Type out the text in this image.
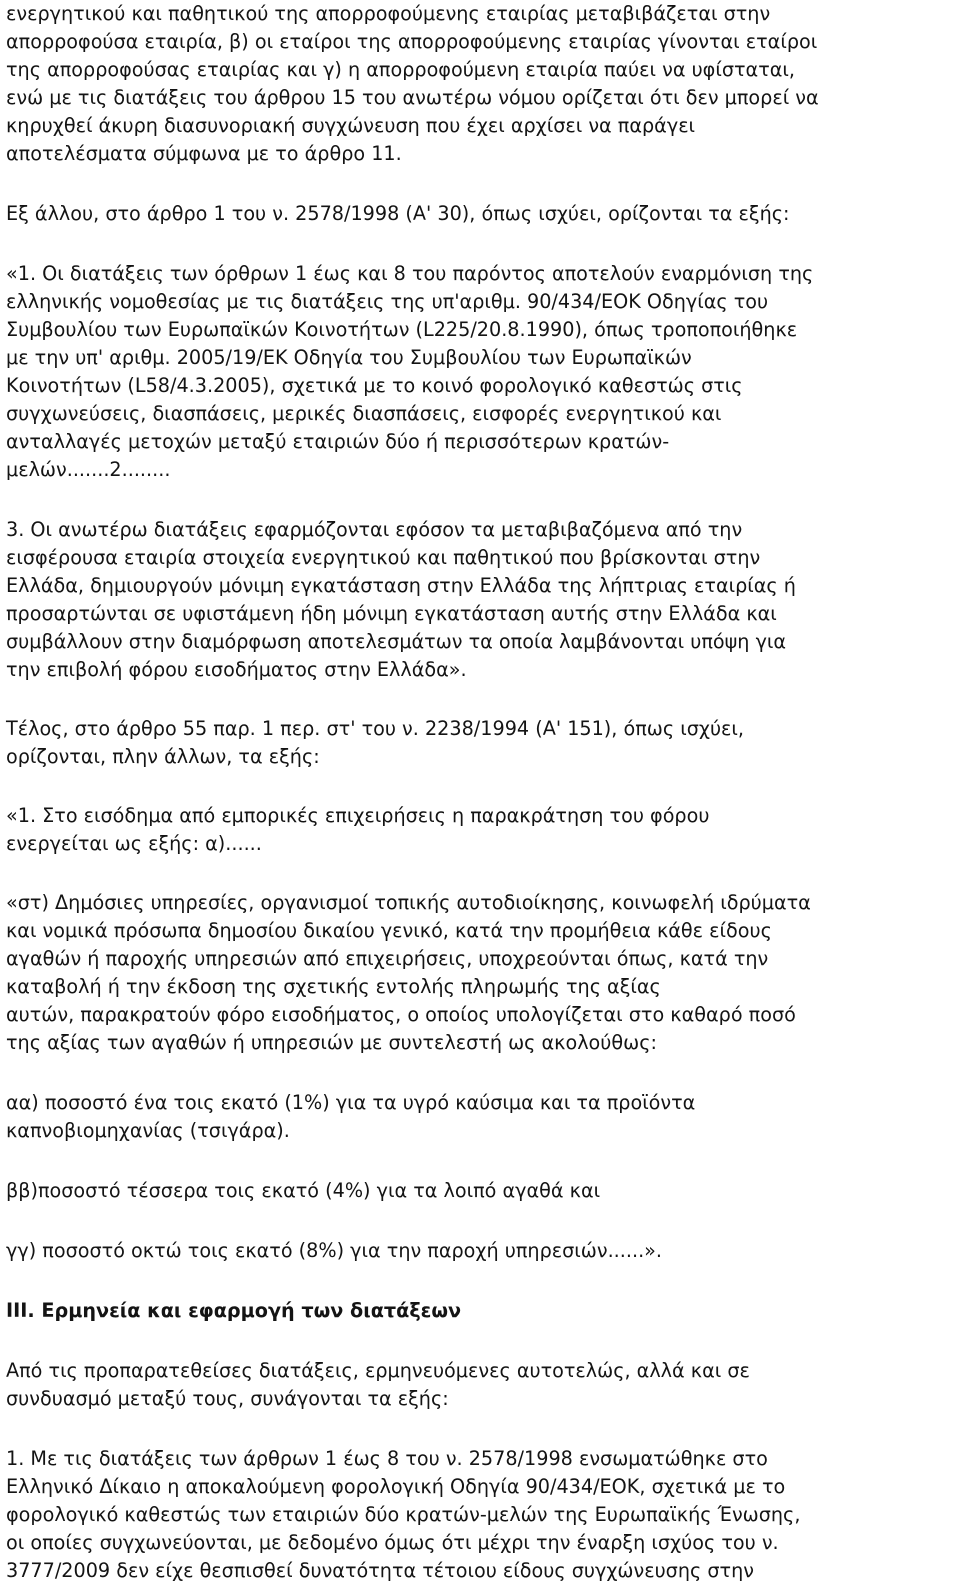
ενεργητικού και παθητικού της απορροφούμενης εταιρίας μεταβιβάζεται στην
απορροφούσα εταιρία, β) οι εταίροι της απορροφούμενης εταιρίας γίνονται εταίροι
της απορροφούσας εταιρίας και γ) η απορροφούμενη εταιρία παύει να υφίσταται,
ενώ με τις διατάξεις του άρθρου 15 του ανωτέρω νόμου ορίζεται ότι δεν μπορεί να
κηρυχθεί άκυρη διασυνοριακή συγχώνευση που έχει αρχίσει να παράγει
αποτελέσματα σύμφωνα με το άρθρο 11.

Εξ άλλου, στο άρθρο 1 του ν. 2578/1998 (Α' 30), όπως ισχύει, ορίζονται τα εξής:

«1. Οι διατάξεις των όρθρων 1 έως και 8 του παρόντος αποτελούν εναρμόνιση της
ελληνικής νομοθεσίας με τις διατάξεις της υπ'αριθμ. 90/434/ΕΟΚ Οδηγίας του
Συμβουλίου των Ευρωπαϊκών Κοινοτήτων (L225/20.8.1990), όπως τροποποιήθηκε
με την υπ' αριθμ. 2005/19/ΕΚ Οδηγία του Συμβουλίου των Ευρωπαϊκών
Κοινοτήτων (L58/4.3.2005), σχετικά με το κοινό φορολογικό καθεστώς στις
συγχωνεύσεις, διασπάσεις, μερικές διασπάσεις, εισφορές ενεργητικού και
ανταλλαγές μετοχών μεταξύ εταιριών δύο ή περισσότερων κρατών-
μελών.......2........

3. Οι ανωτέρω διατάξεις εφαρμόζονται εφόσον τα μεταβιβαζόμενα από την
εισφέρουσα εταιρία στοιχεία ενεργητικού και παθητικού που βρίσκονται στην
Ελλάδα, δημιουργούν μόνιμη εγκατάσταση στην Ελλάδα της λήπτριας εταιρίας ή
προσαρτώνται σε υφιστάμενη ήδη μόνιμη εγκατάσταση αυτής στην Ελλάδα και
συμβάλλουν στην διαμόρφωση αποτελεσμάτων τα οποία λαμβάνονται υπόψη για
την επιβολή φόρου εισοδήματος στην Ελλάδα».

Τέλος, στο άρθρο 55 παρ. 1 περ. στ' του ν. 2238/1994 (Α' 151), όπως ισχύει,
ορίζονται, πλην άλλων, τα εξής:

«1. Στο εισόδημα από εμπορικές επιχειρήσεις η παρακράτηση του φόρου
ενεργείται ως εξής: α)......

«στ) Δημόσιες υπηρεσίες, οργανισμοί τοπικής αυτοδιοίκησης, κοινωφελή ιδρύματα
και νομικά πρόσωπα δημοσίου δικαίου γενικό, κατά την προμήθεια κάθε είδους
αγαθών ή παροχής υπηρεσιών από επιχειρήσεις, υποχρεούνται όπως, κατά την
καταβολή ή την έκδοση της σχετικής εντολής πληρωμής της αξίας
αυτών, παρακρατούν φόρο εισοδήματος, ο οποίος υπολογίζεται στο καθαρό ποσό
της αξίας των αγαθών ή υπηρεσιών με συντελεστή ως ακολούθως:

αα) ποσοστό ένα τοις εκατό (1%) για τα υγρό καύσιμα και τα προϊόντα
καπνοβιομηχανίας (τσιγάρα).

ββ)ποσοστό τέσσερα τοις εκατό (4%) για τα λοιπό αγαθά και

γγ) ποσοστό οκτώ τοις εκατό (8%) για την παροχή υπηρεσιών......».

ΙΙΙ. Ερμηνεία και εφαρμογή των διατάξεων

Από τις προπαρατεθείσες διατάξεις, ερμηνευόμενες αυτοτελώς, αλλά και σε
συνδυασμό μεταξύ τους, συνάγονται τα εξής:

1. Με τις διατάξεις των άρθρων 1 έως 8 του ν. 2578/1998 ενσωματώθηκε στο
Ελληνικό Δίκαιο η αποκαλούμενη φορολογική Οδηγία 90/434/ΕΟΚ, σχετικά με το
φορολογικό καθεστώς των εταιριών δύο κρατών-μελών της Ευρωπαϊκής Ένωσης,
οι οποίες συγχωνεύονται, με δεδομένο όμως ότι μέχρι την έναρξη ισχύος του ν.
3777/2009 δεν είχε θεσπισθεί δυνατότητα τέτοιου είδους συγχώνευσης στην
